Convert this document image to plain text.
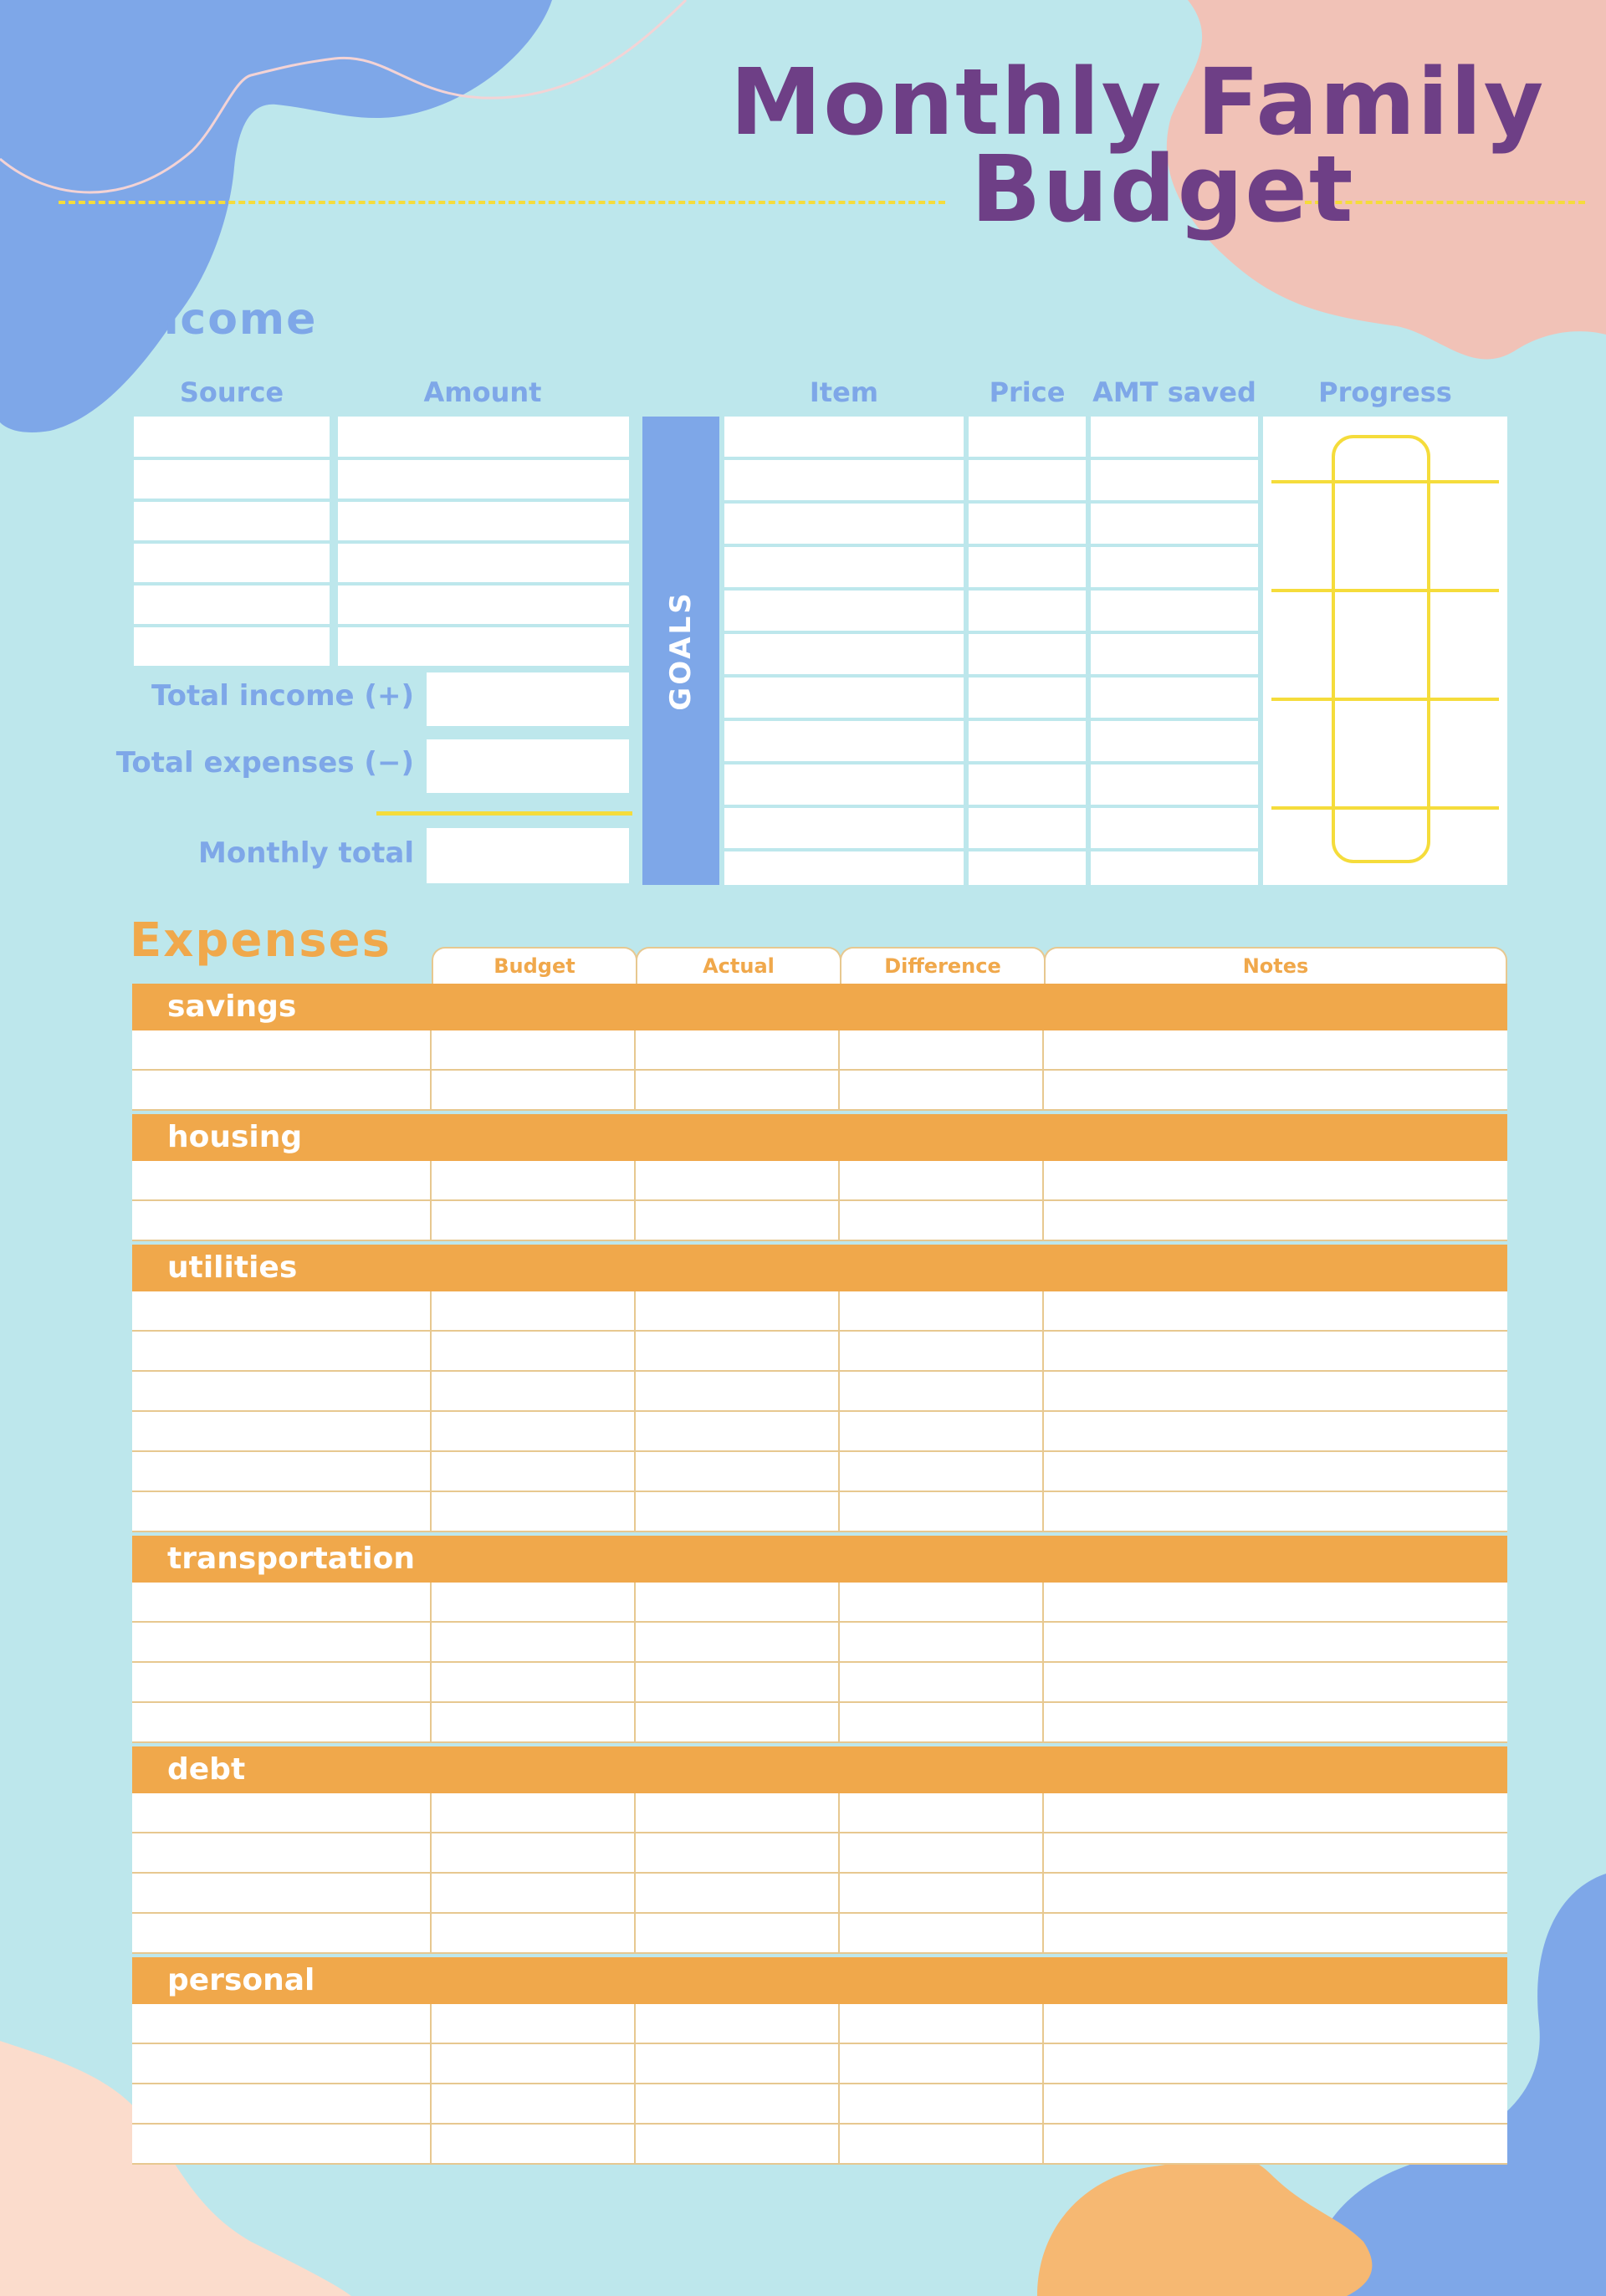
Monthly Family
Budget
Income
Source	Amount
Total income (+)
Total expenses (−)
Monthly total
GOALS
Item	Price	AMT saved	Progress
Expenses	Budget	Actual	Difference	Notes
savings
housing
utilities
transportation
debt
personal
